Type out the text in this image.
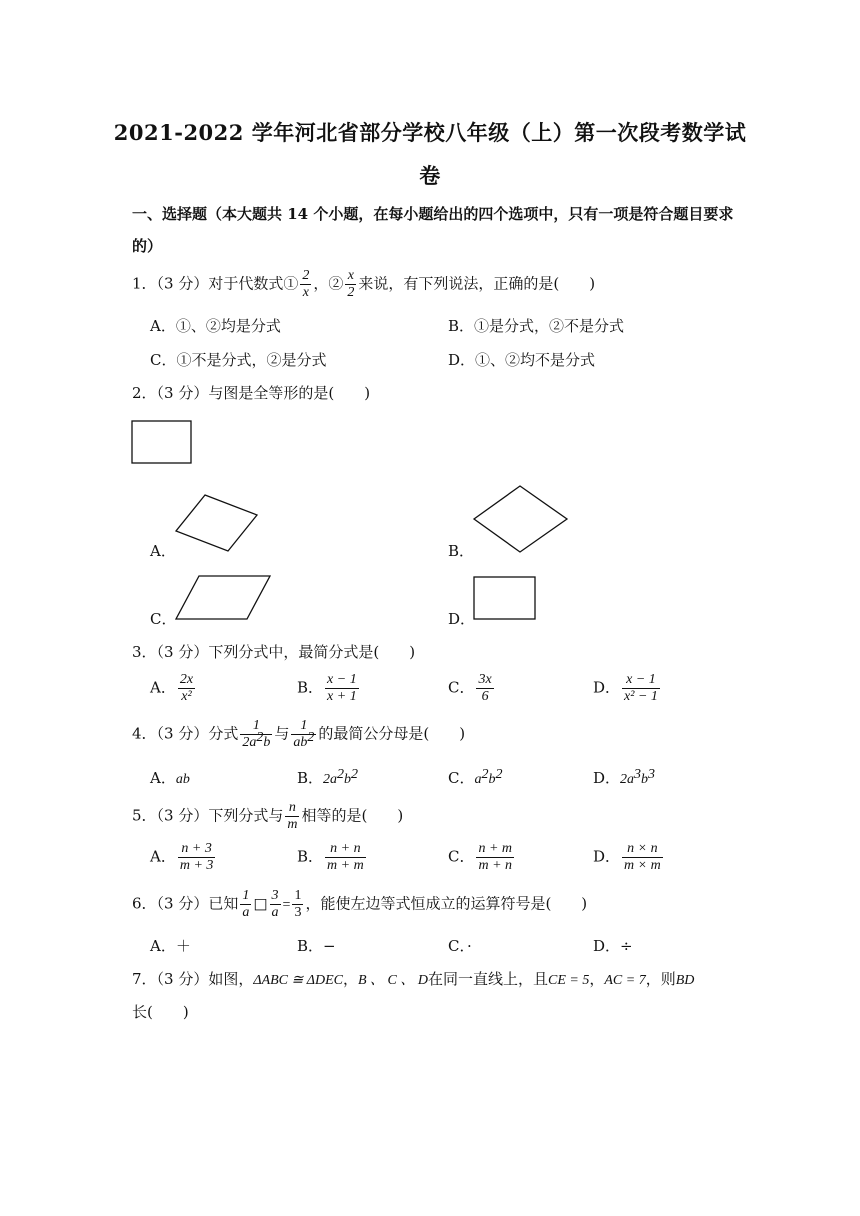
2021-2022 学年河北省部分学校八年级（上）第一次段考数学试
卷
一、选择题（本大题共 14 个小题，在每小题给出的四个选项中，只有一项是符合题目要求
的）
1．（3 分）对于代数式① $\frac{2}{x}$ ，② $\frac{x}{2}$ 来说，有下列说法，正确的是(　　)
A．①、②均是分式	B．①是分式，②不是分式
C．①不是分式，②是分式	D．①、②均不是分式
2．（3 分）与图是全等形的是(　　)
A．	B．
C．	D．
3．（3 分）下列分式中，最简分式是(　　)
A． $\frac{2x}{\text{x²}}$	B． $\frac{x - 1}{x + 1}$	C． $\frac{3x}{6}$	D． $\frac{x - 1}{\text{x² − 1}}$
4．（3 分）分式 $\frac{1}{2a^2b}$ 与 $\frac{1}{ab^2}$ 的最简公分母是(　　)
A．ab	B．$2a^2b^2$	C．$a^2b^2$	D．$2a^3b^3$
5．（3 分）下列分式与 $\frac{n}{m}$ 相等的是(　　)
A． $\frac{n + 3}{m + 3}$	B． $\frac{n + n}{m + m}$	C． $\frac{n + m}{m + n}$	D． $\frac{n \times n}{m \times m}$
6．（3 分）已知 $\frac{1}{a}$ □ $\frac{3}{a} = \frac{1}{3}$ ，能使左边等式恒成立的运算符号是(　　)
A．＋	B．−	C．·	D．÷
7．（3 分）如图，ΔABC ≅ ΔDEC，B 、 C 、 D在同一直线上，且CE = 5，AC = 7，则BD
长(　　)
